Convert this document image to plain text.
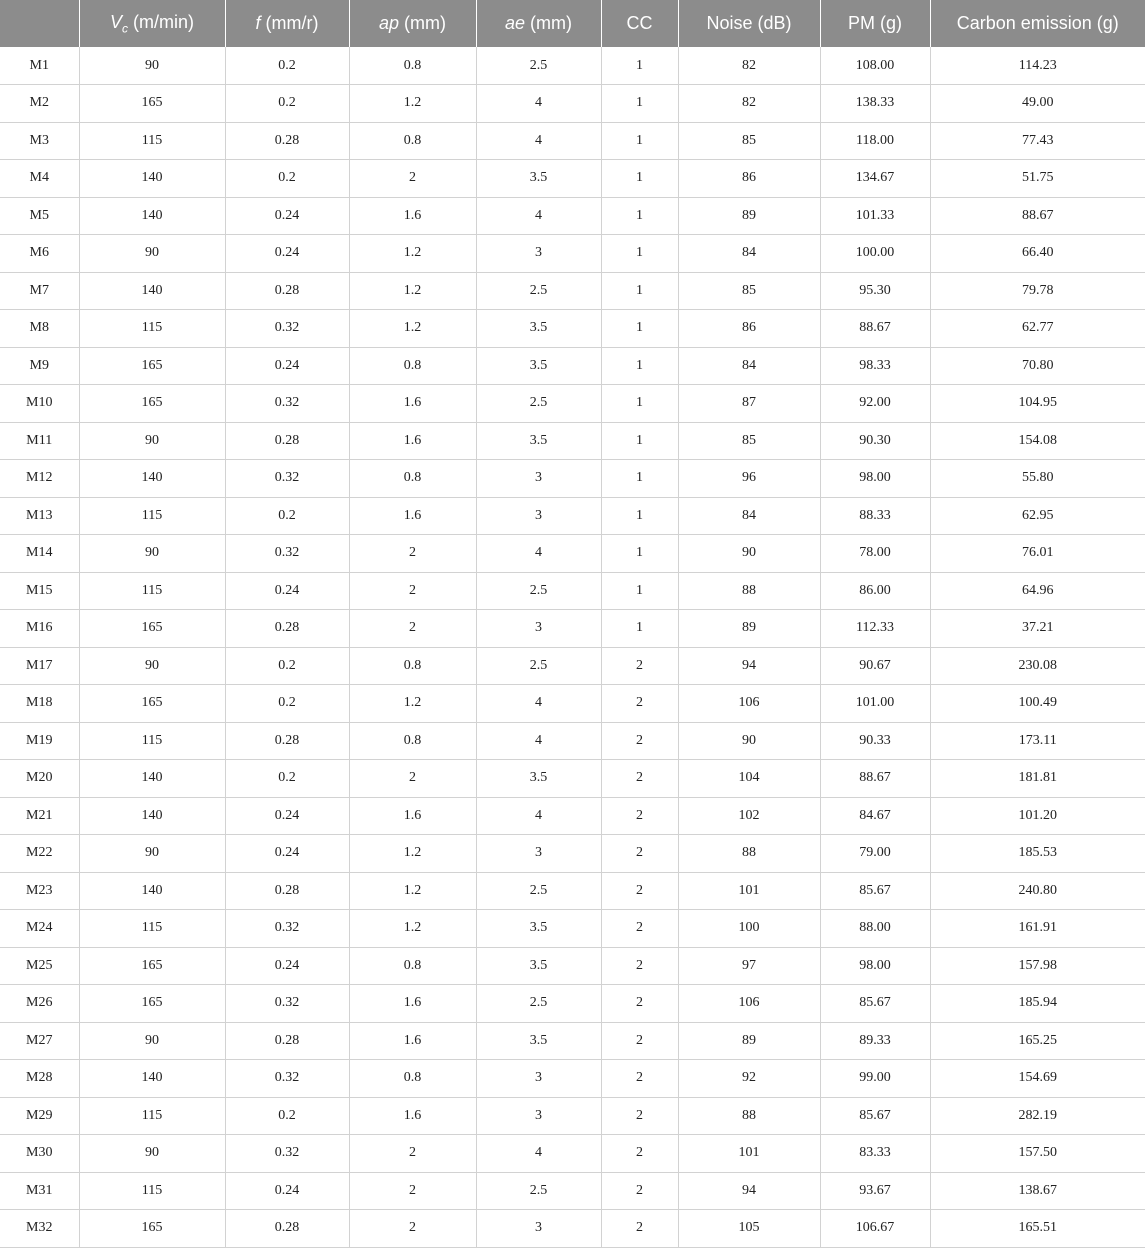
	$V_c$ (m/min)	f (mm/r)	ap (mm)	ae (mm)	CC	Noise (dB)	PM (g)	Carbon emission (g)
M1	90	0.2	0.8	2.5	1	82	108.00	114.23
M2	165	0.2	1.2	4	1	82	138.33	49.00
M3	115	0.28	0.8	4	1	85	118.00	77.43
M4	140	0.2	2	3.5	1	86	134.67	51.75
M5	140	0.24	1.6	4	1	89	101.33	88.67
M6	90	0.24	1.2	3	1	84	100.00	66.40
M7	140	0.28	1.2	2.5	1	85	95.30	79.78
M8	115	0.32	1.2	3.5	1	86	88.67	62.77
M9	165	0.24	0.8	3.5	1	84	98.33	70.80
M10	165	0.32	1.6	2.5	1	87	92.00	104.95
M11	90	0.28	1.6	3.5	1	85	90.30	154.08
M12	140	0.32	0.8	3	1	96	98.00	55.80
M13	115	0.2	1.6	3	1	84	88.33	62.95
M14	90	0.32	2	4	1	90	78.00	76.01
M15	115	0.24	2	2.5	1	88	86.00	64.96
M16	165	0.28	2	3	1	89	112.33	37.21
M17	90	0.2	0.8	2.5	2	94	90.67	230.08
M18	165	0.2	1.2	4	2	106	101.00	100.49
M19	115	0.28	0.8	4	2	90	90.33	173.11
M20	140	0.2	2	3.5	2	104	88.67	181.81
M21	140	0.24	1.6	4	2	102	84.67	101.20
M22	90	0.24	1.2	3	2	88	79.00	185.53
M23	140	0.28	1.2	2.5	2	101	85.67	240.80
M24	115	0.32	1.2	3.5	2	100	88.00	161.91
M25	165	0.24	0.8	3.5	2	97	98.00	157.98
M26	165	0.32	1.6	2.5	2	106	85.67	185.94
M27	90	0.28	1.6	3.5	2	89	89.33	165.25
M28	140	0.32	0.8	3	2	92	99.00	154.69
M29	115	0.2	1.6	3	2	88	85.67	282.19
M30	90	0.32	2	4	2	101	83.33	157.50
M31	115	0.24	2	2.5	2	94	93.67	138.67
M32	165	0.28	2	3	2	105	106.67	165.51
